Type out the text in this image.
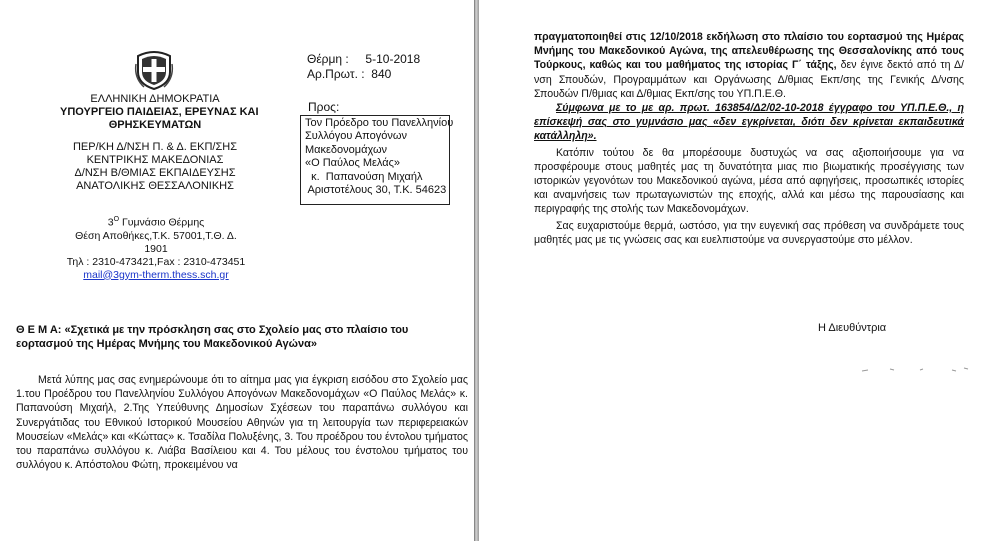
ΕΛΛΗΝΙΚΗ ΔΗΜΟΚΡΑΤΙΑ
ΥΠΟΥΡΓΕΙΟ ΠΑΙΔΕΙΑΣ, ΕΡΕΥΝΑΣ ΚΑΙ
ΘΡΗΣΚΕΥΜΑΤΩΝ
ΠΕΡ/ΚΗ Δ/ΝΣΗ Π. & Δ. ΕΚΠ/ΣΗΣ
ΚΕΝΤΡΙΚΗΣ ΜΑΚΕΔΟΝΙΑΣ
Δ/ΝΣΗ Β/ΘΜΙΑΣ ΕΚΠΑΙΔΕΥΣΗΣ
ΑΝΑΤΟΛΙΚΗΣ ΘΕΣΣΑΛΟΝΙΚΗΣ
Θέρμη :     5-10-2018
Αρ.Πρωτ. :  840
Προς:
Τον Πρόεδρο του Πανελληνίου
Συλλόγου Απογόνων
Μακεδονομάχων
«Ο Παύλος Μελάς»
κ.  Παπανούση Μιχαήλ
Αριστοτέλους 30, Τ.Κ. 54623
$3^O$ Γυμνάσιο Θέρμης
Θέση Αποθήκες,Τ.Κ. 57001,Τ.Θ. Δ.
1901
Τηλ : 2310-473421,Fax : 2310-473451
mail@3gym-therm.thess.sch.gr
Θ Ε Μ Α: «Σχετικά με την πρόσκληση σας στο Σχολείο μας στο πλαίσιο του εορτασμού της Ημέρας Μνήμης του Μακεδονικού Αγώνα»

Μετά λύπης μας σας ενημερώνουμε ότι το αίτημα μας για έγκριση εισόδου στο Σχολείο μας 1.του Προέδρου του Πανελληνίου Συλλόγου Απογόνων Μακεδονομάχων «Ο Παύλος Μελάς» κ. Παπανούση Μιχαήλ, 2.Της Υπεύθυνης Δημοσίων Σχέσεων του παραπάνω συλλόγου και Συνεργάτιδας του Εθνικού Ιστορικού Μουσείου Αθηνών για τη λειτουργία των περιφερειακών Μουσείων «Μελάς» και «Κώττας» κ. Τσαδίλα Πολυξένης, 3. Του προέδρου του έντολου τμήματος του παραπάνω συλλόγου κ. Λιάβα Βασίλειου και 4. Του μέλους του ένστολου τμήματος του συλλόγου κ. Απόστολου Φώτη, προκειμένου να

πραγματοποιηθεί στις 12/10/2018 εκδήλωση στο πλαίσιο του εορτασμού της Ημέρας Μνήμης του Μακεδονικού Αγώνα, της απελευθέρωσης της Θεσσαλονίκης από τους Τούρκους, καθώς και του μαθήματος της ιστορίας Γ΄ τάξης, δεν έγινε δεκτό από τη Δ/νση Σπουδών, Προγραμμάτων και Οργάνωσης Δ/θμιας Εκπ/σης της Γενικής Δ/νσης Σπουδών Π/θμιας και Δ/θμιας Εκπ/σης του ΥΠ.Π.Ε.Θ.

Σύμφωνα με το με αρ. πρωτ. 163854/Δ2/02-10-2018 έγγραφο του ΥΠ.Π.Ε.Θ., η επίσκεψή σας στο γυμνάσιο μας «δεν εγκρίνεται, διότι δεν κρίνεται εκπαιδευτικά κατάλληλη».

Κατόπιν τούτου δε θα μπορέσουμε δυστυχώς να σας αξιοποιήσουμε για να προσφέρουμε στους μαθητές μας τη δυνατότητα μιας πιο βιωματικής προσέγγισης των ιστορικών γεγονότων του Μακεδονικού αγώνα, μέσα από αφηγήσεις, προσωπικές ιστορίες και αναμνήσεις των πρωταγωνιστών της εποχής, αλλά και μέσω της παρουσίασης και περιγραφής της στολής των Μακεδονομάχων.

Σας ευχαριστούμε θερμά, ωστόσο, για την ευγενική σας πρόθεση να συνδράμετε τους μαθητές μας με τις γνώσεις σας και ευελπιστούμε να συνεργαστούμε στο μέλλον.

Η Διευθύντρια
